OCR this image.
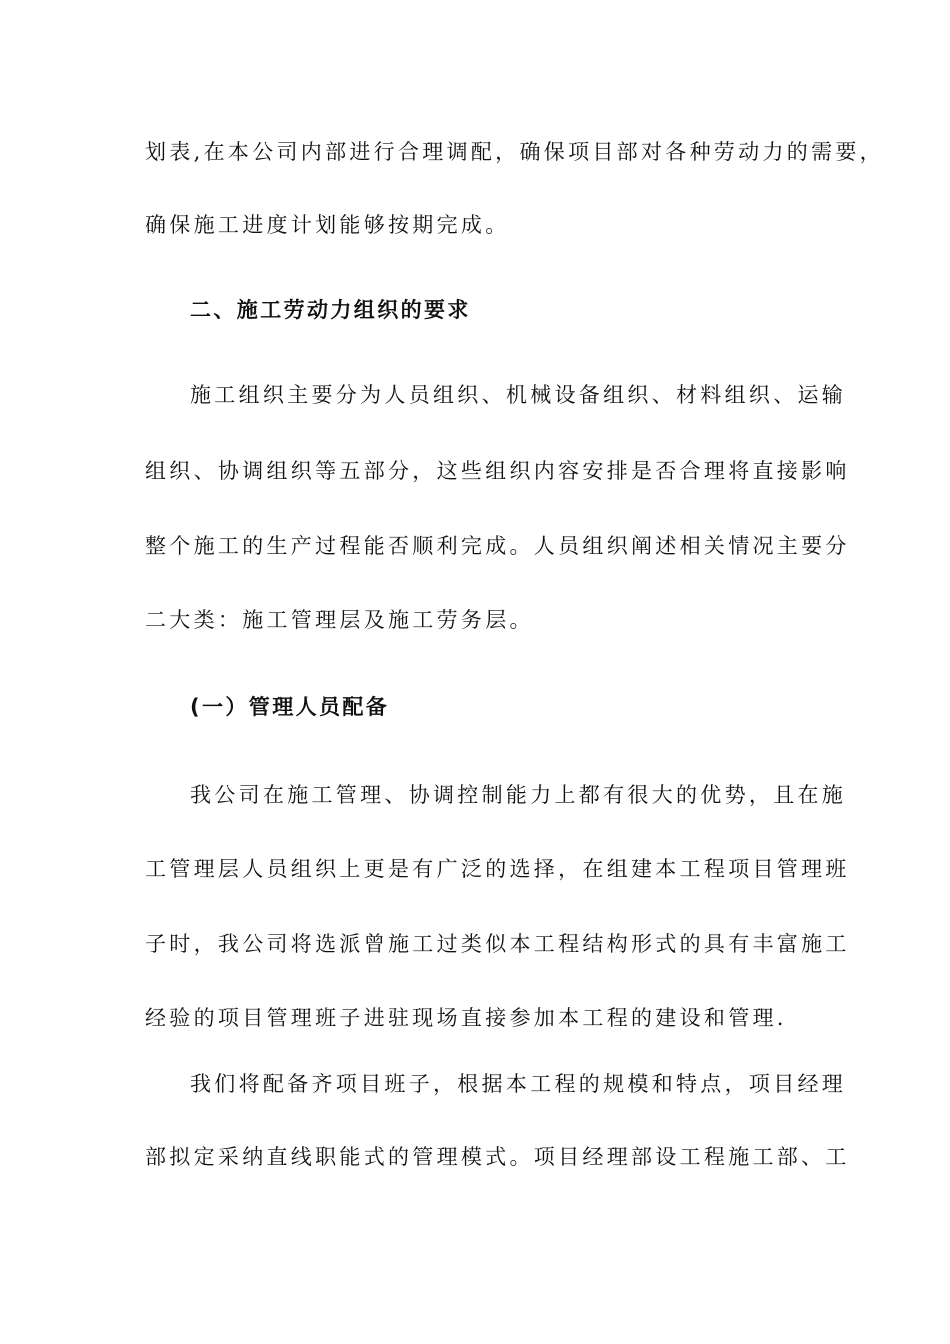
划表,在本公司内部进行合理调配，确保项目部对各种劳动力的需要，

确保施工进度计划能够按期完成。

二、施工劳动力组织的要求

施工组织主要分为人员组织、机械设备组织、材料组织、运输

组织、协调组织等五部分，这些组织内容安排是否合理将直接影响

整个施工的生产过程能否顺利完成。人员组织阐述相关情况主要分

二大类：施工管理层及施工劳务层。

(一）管理人员配备

我公司在施工管理、协调控制能力上都有很大的优势，且在施

工管理层人员组织上更是有广泛的选择，在组建本工程项目管理班

子时，我公司将选派曾施工过类似本工程结构形式的具有丰富施工

经验的项目管理班子进驻现场直接参加本工程的建设和管理.

我们将配备齐项目班子，根据本工程的规模和特点，项目经理

部拟定采纳直线职能式的管理模式。项目经理部设工程施工部、工
